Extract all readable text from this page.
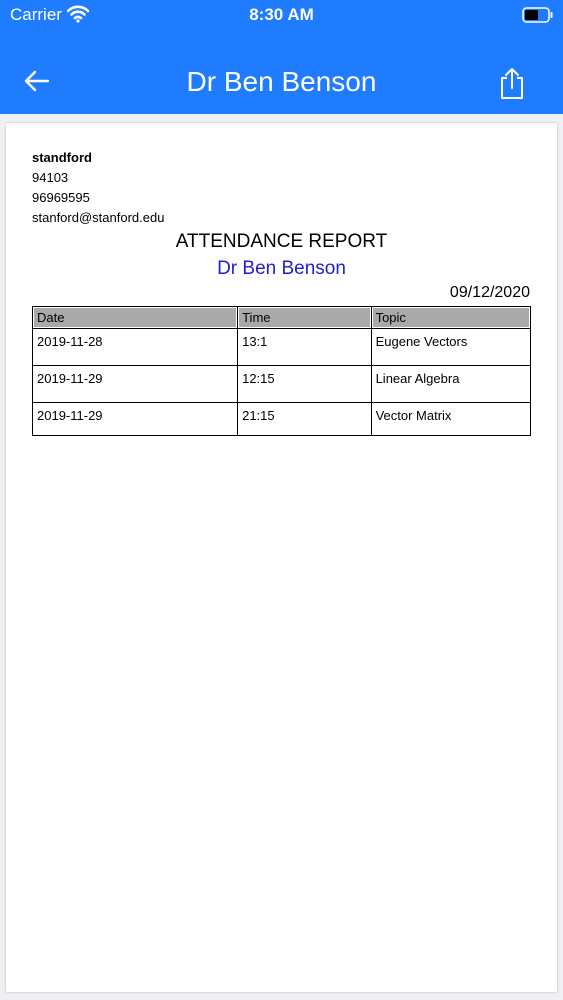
Carrier	8:30 AM
Dr Ben Benson
standford
94103
96969595
stanford@stanford.edu
ATTENDANCE REPORT
Dr Ben Benson
09/12/2020
Date	Time	Topic
2019-11-28	13:1	Eugene Vectors
2019-11-29	12:15	Linear Algebra
2019-11-29	21:15	Vector Matrix
